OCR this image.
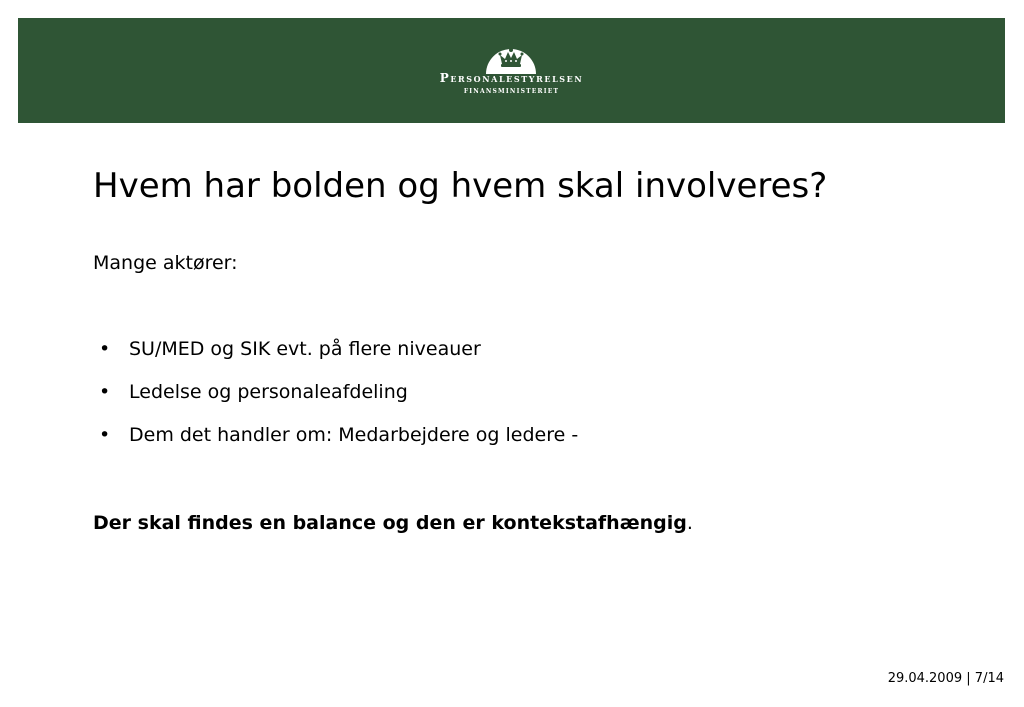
Personalestyrelsen
FINANSMINISTERIET
Hvem har bolden og hvem skal involveres?
Mange aktører:
• SU/MED og SIK evt. på flere niveauer
• Ledelse og personaleafdeling
• Dem det handler om: Medarbejdere og ledere -
Der skal findes en balance og den er kontekstafhængig.
29.04.2009 | 7/14
